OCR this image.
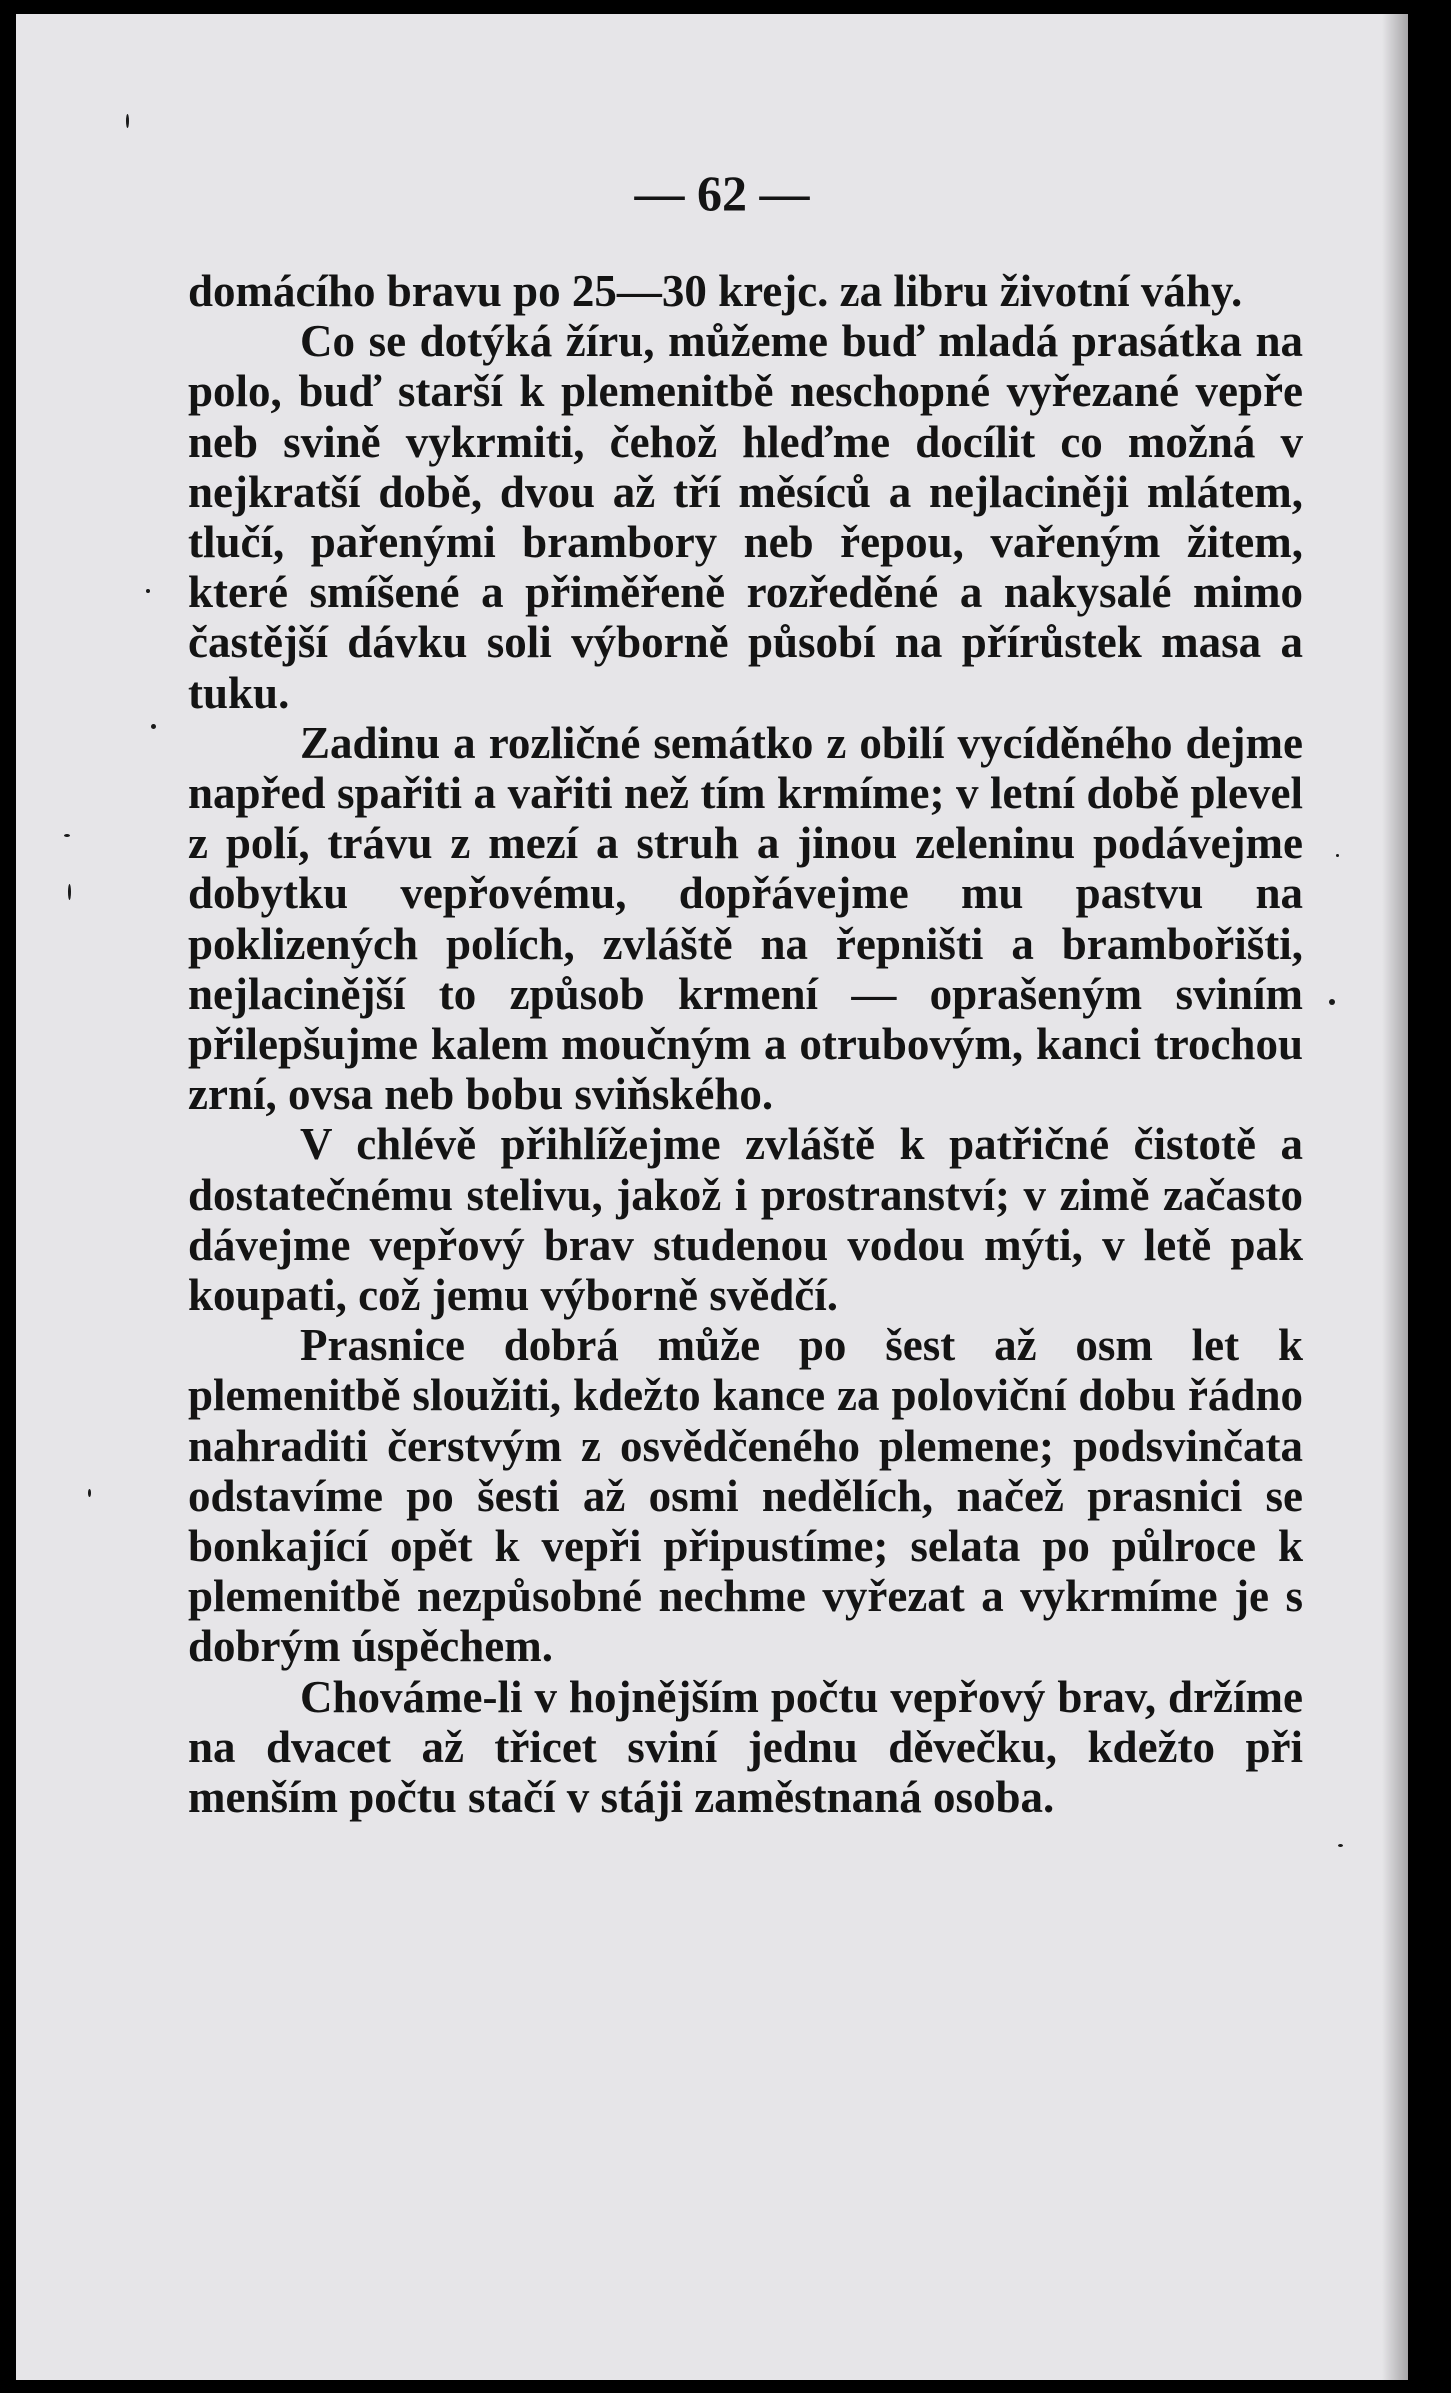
— 62 —

domácího bravu po 25—30 krejc. za libru životní váhy.

Co se dotýká žíru, můžeme buď mladá prasátka na polo, buď starší k plemenitbě neschopné vyřezané vepře neb svině vykrmiti, čehož hleďme docílit co možná v nejkratší době, dvou až tří měsíců a nejlaciněji mlátem, tlučí, pařenými brambory neb řepou, vařeným žitem, které smíšené a přiměřeně rozředěné a nakysalé mimo častější dávku soli výborně působí na přírůstek masa a tuku.

Zadinu a rozličné semátko z obilí vycíděného dejme napřed spařiti a vařiti než tím krmíme; v letní době plevel z polí, trávu z mezí a struh a jinou zeleninu podávejme dobytku vepřovému, dopřávejme mu pastvu na poklizených polích, zvláště na řepništi a brambořišti, nejlacinější to způsob krmení — oprašeným sviním přilepšujme kalem moučným a otrubovým, kanci trochou zrní, ovsa neb bobu sviňského.

V chlévě přihlížejme zvláště k patřičné čistotě a dostatečnému stelivu, jakož i prostranství; v zimě začasto dávejme vepřový brav studenou vodou mýti, v letě pak koupati, což jemu výborně svědčí.

Prasnice dobrá může po šest až osm let k plemenitbě sloužiti, kdežto kance za poloviční dobu řádno nahraditi čerstvým z osvědčeného plemene; podsvinčata odstavíme po šesti až osmi nedělích, načež prasnici se bonkající opět k vepři připustíme; selata po půlroce k plemenitbě nezpůsobné nechme vyřezat a vykrmíme je s dobrým úspěchem.

Chováme-li v hojnějším počtu vepřový brav, držíme na dvacet až třicet sviní jednu děvečku, kdežto při menším počtu stačí v stáji zaměstnaná osoba.
